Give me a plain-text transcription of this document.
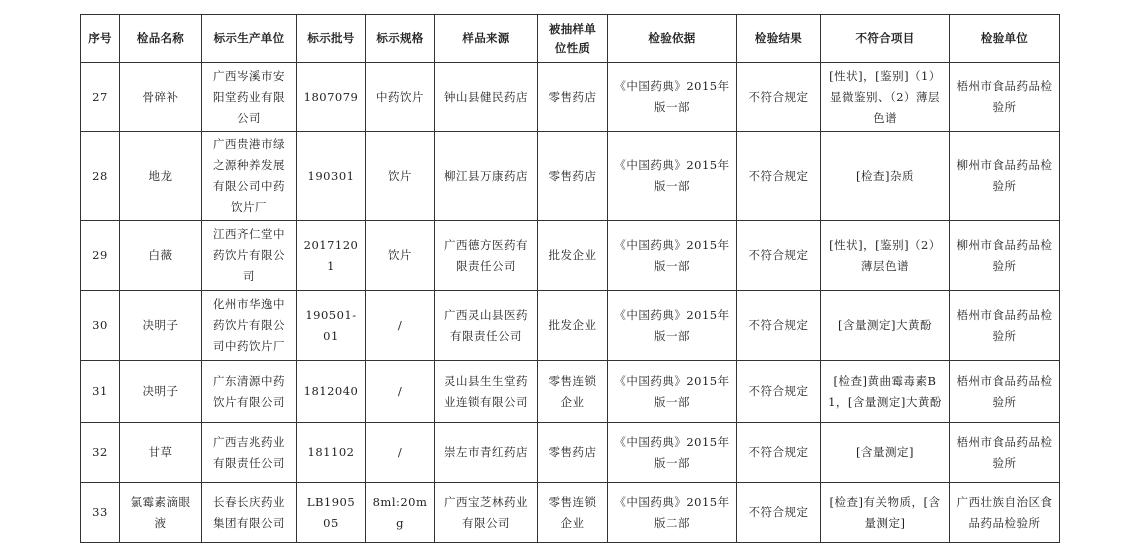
序号	检品名称	标示生产单位	标示批号	标示规格	样品来源	被抽样单位性质	检验依据	检验结果	不符合项目	检验单位
27	骨碎补	广西岑溪市安阳堂药业有限公司	1807079	中药饮片	钟山县健民药店	零售药店	《中国药典》2015年版一部	不符合规定	[性状]，[鉴别]（1）显微鉴别、（2）薄层色谱	梧州市食品药品检验所
28	地龙	广西贵港市绿之源种养发展有限公司中药饮片厂	190301	饮片	柳江县万康药店	零售药店	《中国药典》2015年版一部	不符合规定	[检查]杂质	柳州市食品药品检验所
29	白薇	江西齐仁堂中药饮片有限公司	20171201	饮片	广西德方医药有限责任公司	批发企业	《中国药典》2015年版一部	不符合规定	[性状]，[鉴别]（2）薄层色谱	柳州市食品药品检验所
30	决明子	化州市华逸中药饮片有限公司中药饮片厂	190501-01	/	广西灵山县医药有限责任公司	批发企业	《中国药典》2015年版一部	不符合规定	[含量测定]大黄酚	梧州市食品药品检验所
31	决明子	广东清源中药饮片有限公司	1812040	/	灵山县生生堂药业连锁有限公司	零售连锁企业	《中国药典》2015年版一部	不符合规定	[检查]黄曲霉毒素B1，[含量测定]大黄酚	梧州市食品药品检验所
32	甘草	广西吉兆药业有限责任公司	181102	/	崇左市青红药店	零售药店	《中国药典》2015年版一部	不符合规定	[含量测定]	梧州市食品药品检验所
33	氯霉素滴眼液	长春长庆药业集团有限公司	LB190505	8ml:20mg	广西宝芝林药业有限公司	零售连锁企业	《中国药典》2015年版二部	不符合规定	[检查]有关物质，[含量测定]	广西壮族自治区食品药品检验所
